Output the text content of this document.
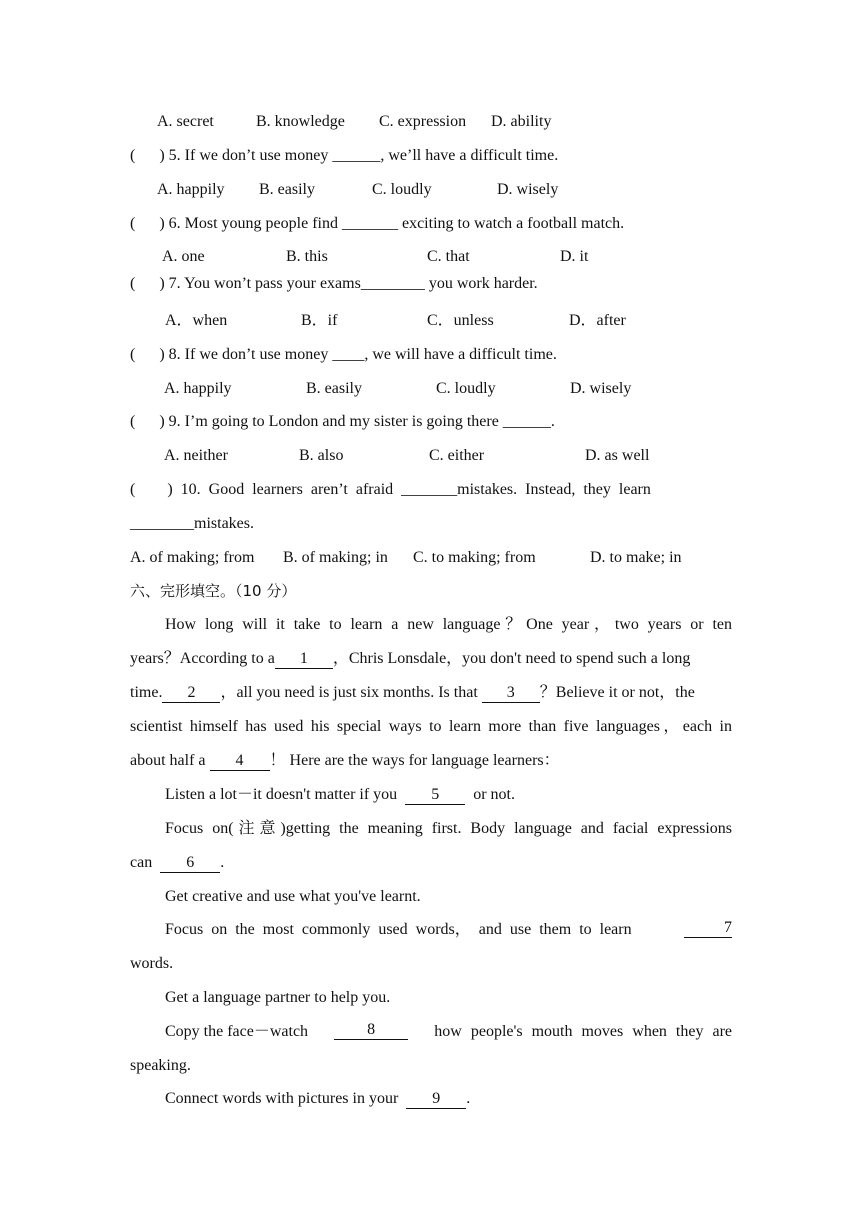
A. secret	B. knowledge C. expression D. ability
(      ) 5. If we don’t use money ______, we’ll have a difficult time.
A. happily B. easily	C. loudly	D. wisely
(      ) 6. Most young people find _______ exciting to watch a football match.
A. one	B. this	C. that	D. it
(      ) 7. You won’t pass your exams________ you work harder.
A．when	B．if	C．unless	D．after
(      ) 8. If we don’t use money ____, we will have a difficult time.
A. happily	B. easily	C. loudly	D. wisely
(      ) 9. I’m going to London and my sister is going there ______.
A. neither	B. also	C. either	D. as well
(        )  10.  Good  learners  aren’t  afraid  _______mistakes.  Instead,  they  learn
________mistakes.
A. of making; from B. of making; in C. to making; from	D. to make; in
六、完形填空。（10 分）
How long will it take to learn a new language？One year，two years or ten
years？According to a 1 ，Chris Lonsdale，you don't need to spend such a long
time. 2 ，all you need is just six months. Is that 3 ？Believe it or not，the
scientist himself has used his special ways to learn more than five languages，each in
about half a 4 ！ Here are the ways for language learners：
Listen a lot－it doesn't matter if you 5 or not.
Focus on(注意)getting the meaning first. Body language and facial expressions
can 6 .
Get creative and use what you've learnt.
Focus on the most commonly used words， and use them to learn	7
words.
Get a language partner to help you.
Copy the face－watch	8	how people's mouth moves when they are
speaking.
Connect words with pictures in your 9 .
